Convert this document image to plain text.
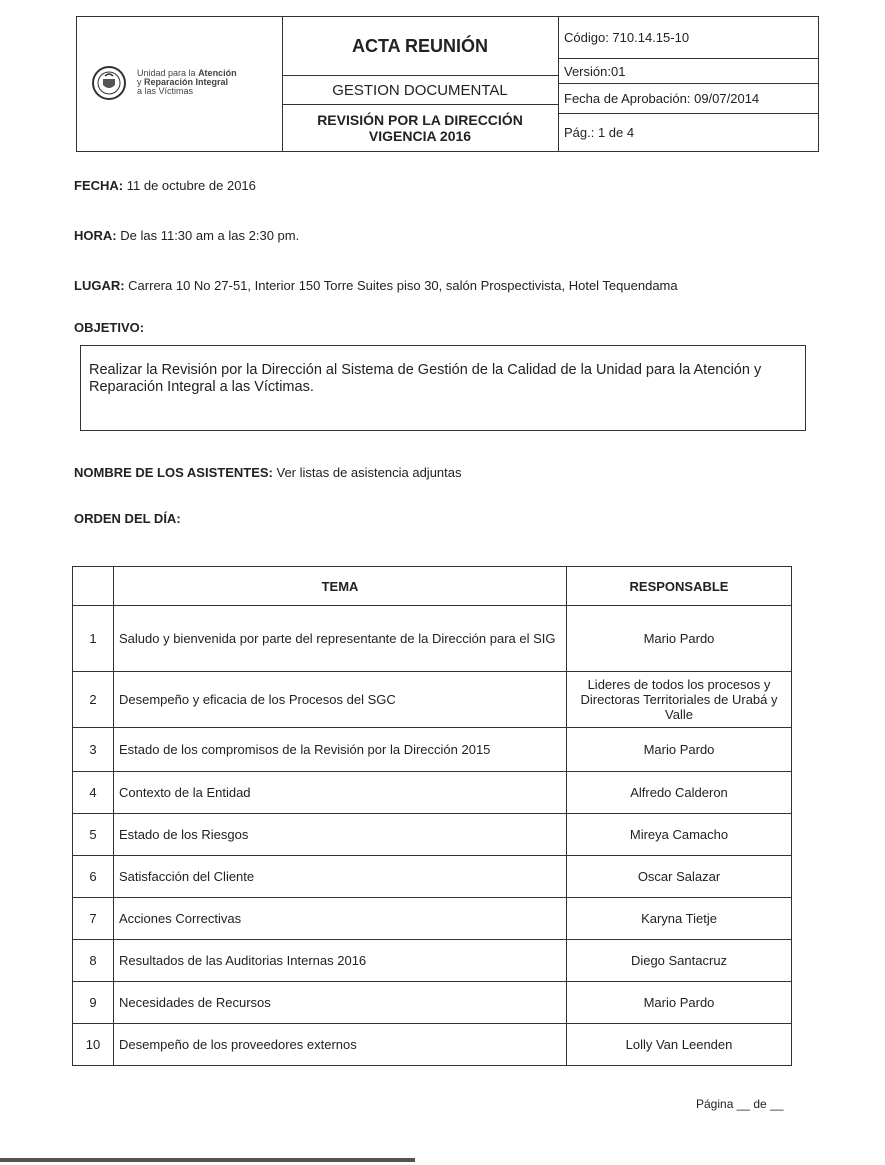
Unidad para la Atención
y Reparación Integral
a las Víctimas
ACTA REUNIÓN
GESTION DOCUMENTAL
REVISIÓN POR LA DIRECCIÓN
VIGENCIA 2016
Código: 710.14.15-10
Versión:01
Fecha de Aprobación: 09/07/2014
Pág.: 1 de 4
FECHA: 11 de octubre de 2016
HORA: De las 11:30 am a las 2:30 pm.
LUGAR: Carrera 10 No 27-51, Interior 150 Torre Suites piso 30, salón Prospectivista, Hotel Tequendama
OBJETIVO:
Realizar la Revisión por la Dirección al Sistema de Gestión de la Calidad de la Unidad para la Atención y Reparación Integral a las Víctimas.
NOMBRE DE LOS ASISTENTES: Ver listas de asistencia adjuntas
ORDEN DEL DÍA:
	TEMA	RESPONSABLE
1	Saludo y bienvenida por parte del representante de la Dirección para el SIG	Mario Pardo
2	Desempeño y eficacia de los Procesos del SGC	Lideres de todos los procesos y Directoras Territoriales de Urabá y Valle
3	Estado de los compromisos de la Revisión por la Dirección 2015	Mario Pardo
4	Contexto de la Entidad	Alfredo Calderon
5	Estado de los Riesgos	Mireya Camacho
6	Satisfacción del Cliente	Oscar Salazar
7	Acciones Correctivas	Karyna Tietje
8	Resultados de las Auditorias Internas 2016	Diego Santacruz
9	Necesidades de Recursos	Mario Pardo
10	Desempeño de los proveedores externos	Lolly Van Leenden
Página __ de __
